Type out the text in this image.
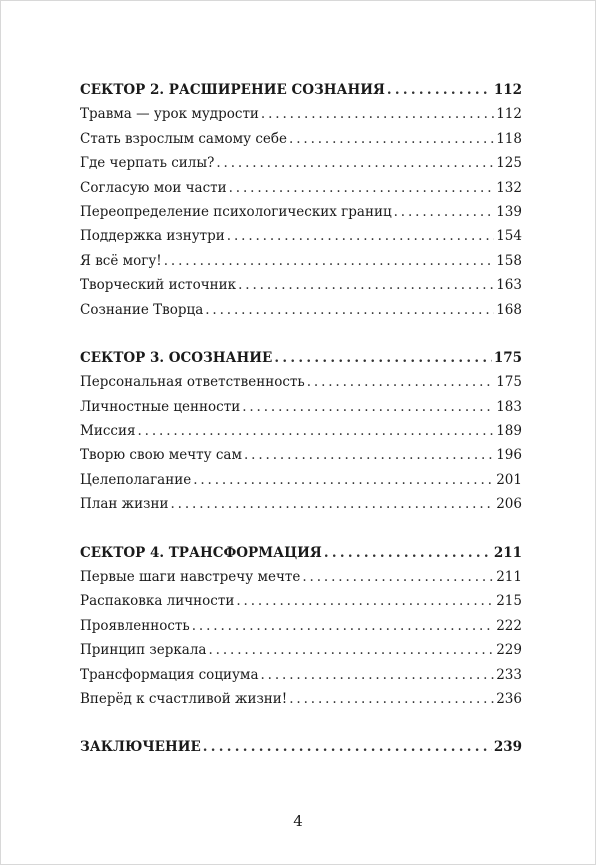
СЕКТОР 2. РАСШИРЕНИЕ СОЗНАНИЯ . . .	112
Травма — урок мудрости . . .	112
Стать взрослым самому себе . . .	118
Где черпать силы? . . .	125
Согласую мои части . . .	132
Переопределение психологических границ . . .	139
Поддержка изнутри . . .	154
Я всё могу! . . .	158
Творческий источник . . .	163
Сознание Творца . . .	168
СЕКТОР 3. ОСОЗНАНИЕ . . .	175
Персональная ответственность . . .	175
Личностные ценности . . .	183
Миссия . . .	189
Творю свою мечту сам . . .	196
Целеполагание . . .	201
План жизни . . .	206
СЕКТОР 4. ТРАНСФОРМАЦИЯ . . .	211
Первые шаги навстречу мечте . . .	211
Распаковка личности . . .	215
Проявленность . . .	222
Принцип зеркала . . .	229
Трансформация социума . . .	233
Вперёд к счастливой жизни! . . .	236
ЗАКЛЮЧЕНИЕ . . .	239
4
